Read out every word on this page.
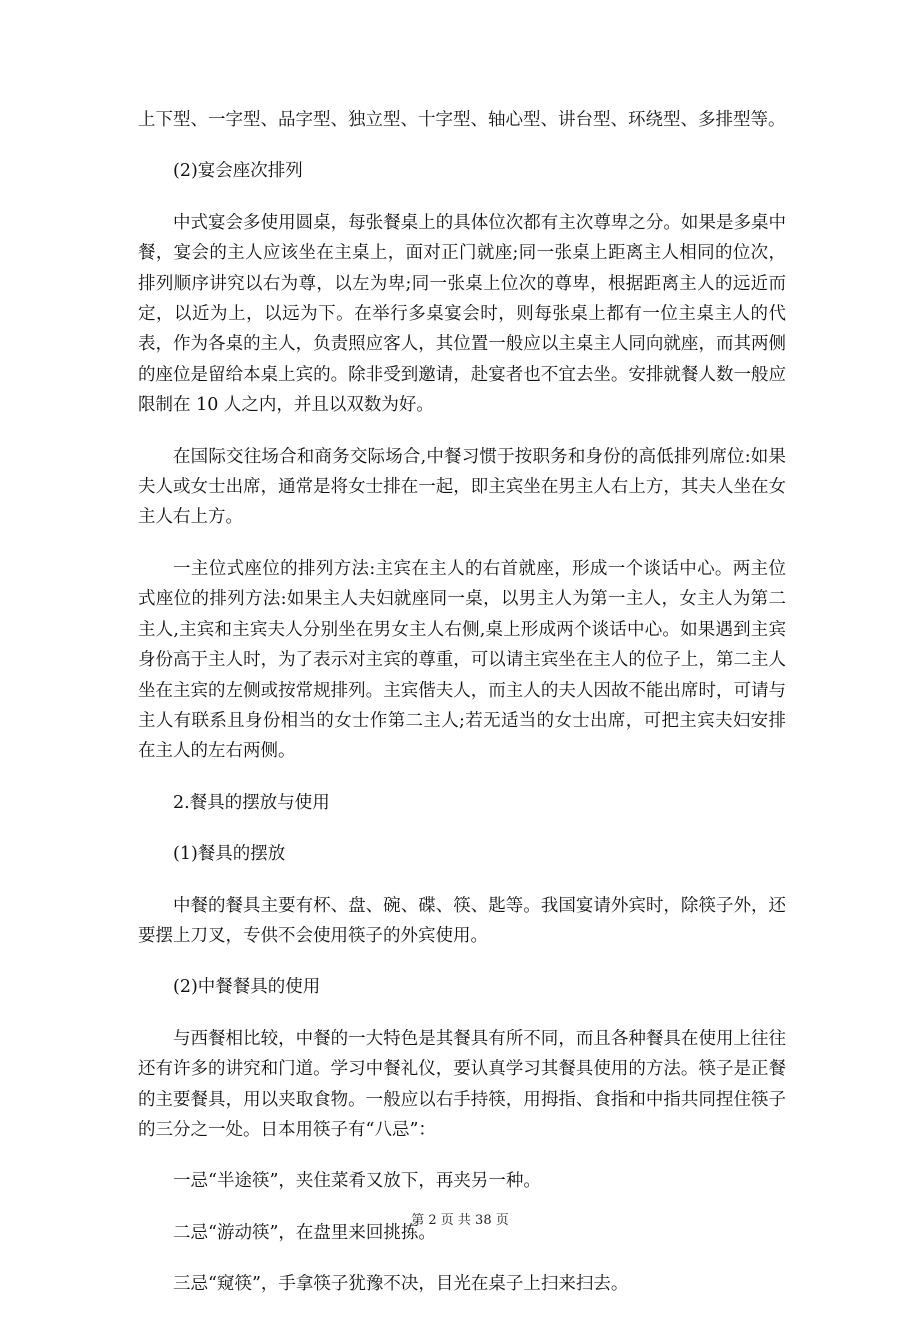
上下型、一字型、品字型、独立型、十字型、轴心型、讲台型、环绕型、多排型等。

(2)宴会座次排列

中式宴会多使用圆桌，每张餐桌上的具体位次都有主次尊卑之分。如果是多桌中餐，宴会的主人应该坐在主桌上，面对正门就座;同一张桌上距离主人相同的位次，排列顺序讲究以右为尊，以左为卑;同一张桌上位次的尊卑，根据距离主人的远近而定，以近为上，以远为下。在举行多桌宴会时，则每张桌上都有一位主桌主人的代表，作为各桌的主人，负责照应客人，其位置一般应以主桌主人同向就座，而其两侧的座位是留给本桌上宾的。除非受到邀请，赴宴者也不宜去坐。安排就餐人数一般应限制在 10 人之内，并且以双数为好。

在国际交往场合和商务交际场合,中餐习惯于按职务和身份的高低排列席位:如果夫人或女士出席，通常是将女士排在一起，即主宾坐在男主人右上方，其夫人坐在女主人右上方。

一主位式座位的排列方法:主宾在主人的右首就座，形成一个谈话中心。两主位式座位的排列方法:如果主人夫妇就座同一桌，以男主人为第一主人，女主人为第二主人,主宾和主宾夫人分别坐在男女主人右侧,桌上形成两个谈话中心。如果遇到主宾身份高于主人时，为了表示对主宾的尊重，可以请主宾坐在主人的位子上，第二主人坐在主宾的左侧或按常规排列。主宾偕夫人，而主人的夫人因故不能出席时，可请与主人有联系且身份相当的女士作第二主人;若无适当的女士出席，可把主宾夫妇安排在主人的左右两侧。

2.餐具的摆放与使用

(1)餐具的摆放

中餐的餐具主要有杯、盘、碗、碟、筷、匙等。我国宴请外宾时，除筷子外，还要摆上刀叉，专供不会使用筷子的外宾使用。

(2)中餐餐具的使用

与西餐相比较，中餐的一大特色是其餐具有所不同，而且各种餐具在使用上往往还有许多的讲究和门道。学习中餐礼仪，要认真学习其餐具使用的方法。筷子是正餐的主要餐具，用以夹取食物。一般应以右手持筷，用拇指、食指和中指共同捏住筷子的三分之一处。日本用筷子有“八忌”：

一忌“半途筷”，夹住菜肴又放下，再夹另一种。

二忌“游动筷”，在盘里来回挑拣。

三忌“窥筷”，手拿筷子犹豫不决，目光在桌子上扫来扫去。

第 2 页 共 38 页
